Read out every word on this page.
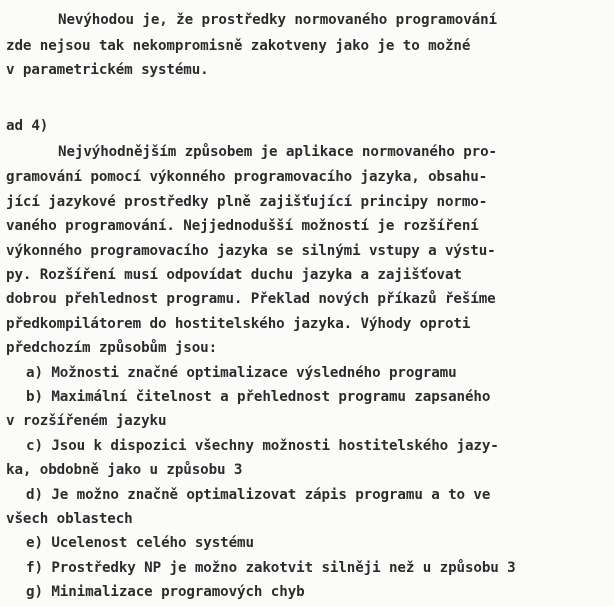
Nevýhodou je, že prostředky normovaného programování
zde nejsou tak nekompromisně zakotveny jako je to možné
v parametrickém systému.
ad 4)
Nejvýhodnějším způsobem je aplikace normovaného pro-
gramování pomocí výkonného programovacího jazyka, obsahu-
jící jazykové prostředky plně zajišťující principy normo-
vaného programování. Nejjednodušší možností je rozšíření
výkonného programovacího jazyka se silnými vstupy a výstu-
py. Rozšíření musí odpovídat duchu jazyka a zajišťovat
dobrou přehlednost programu. Překlad nových příkazů řešíme
předkompilátorem do hostitelského jazyka. Výhody oproti
předchozím způsobům jsou:
a) Možnosti značné optimalizace výsledného programu
b) Maximální čitelnost a přehlednost programu zapsaného
v rozšířeném jazyku
c) Jsou k dispozici všechny možnosti hostitelského jazy-
ka, obdobně jako u způsobu 3
d) Je možno značně optimalizovat zápis programu a to ve
všech oblastech
e) Ucelenost celého systému
f) Prostředky NP je možno zakotvit silněji než u způsobu 3
g) Minimalizace programových chyb
